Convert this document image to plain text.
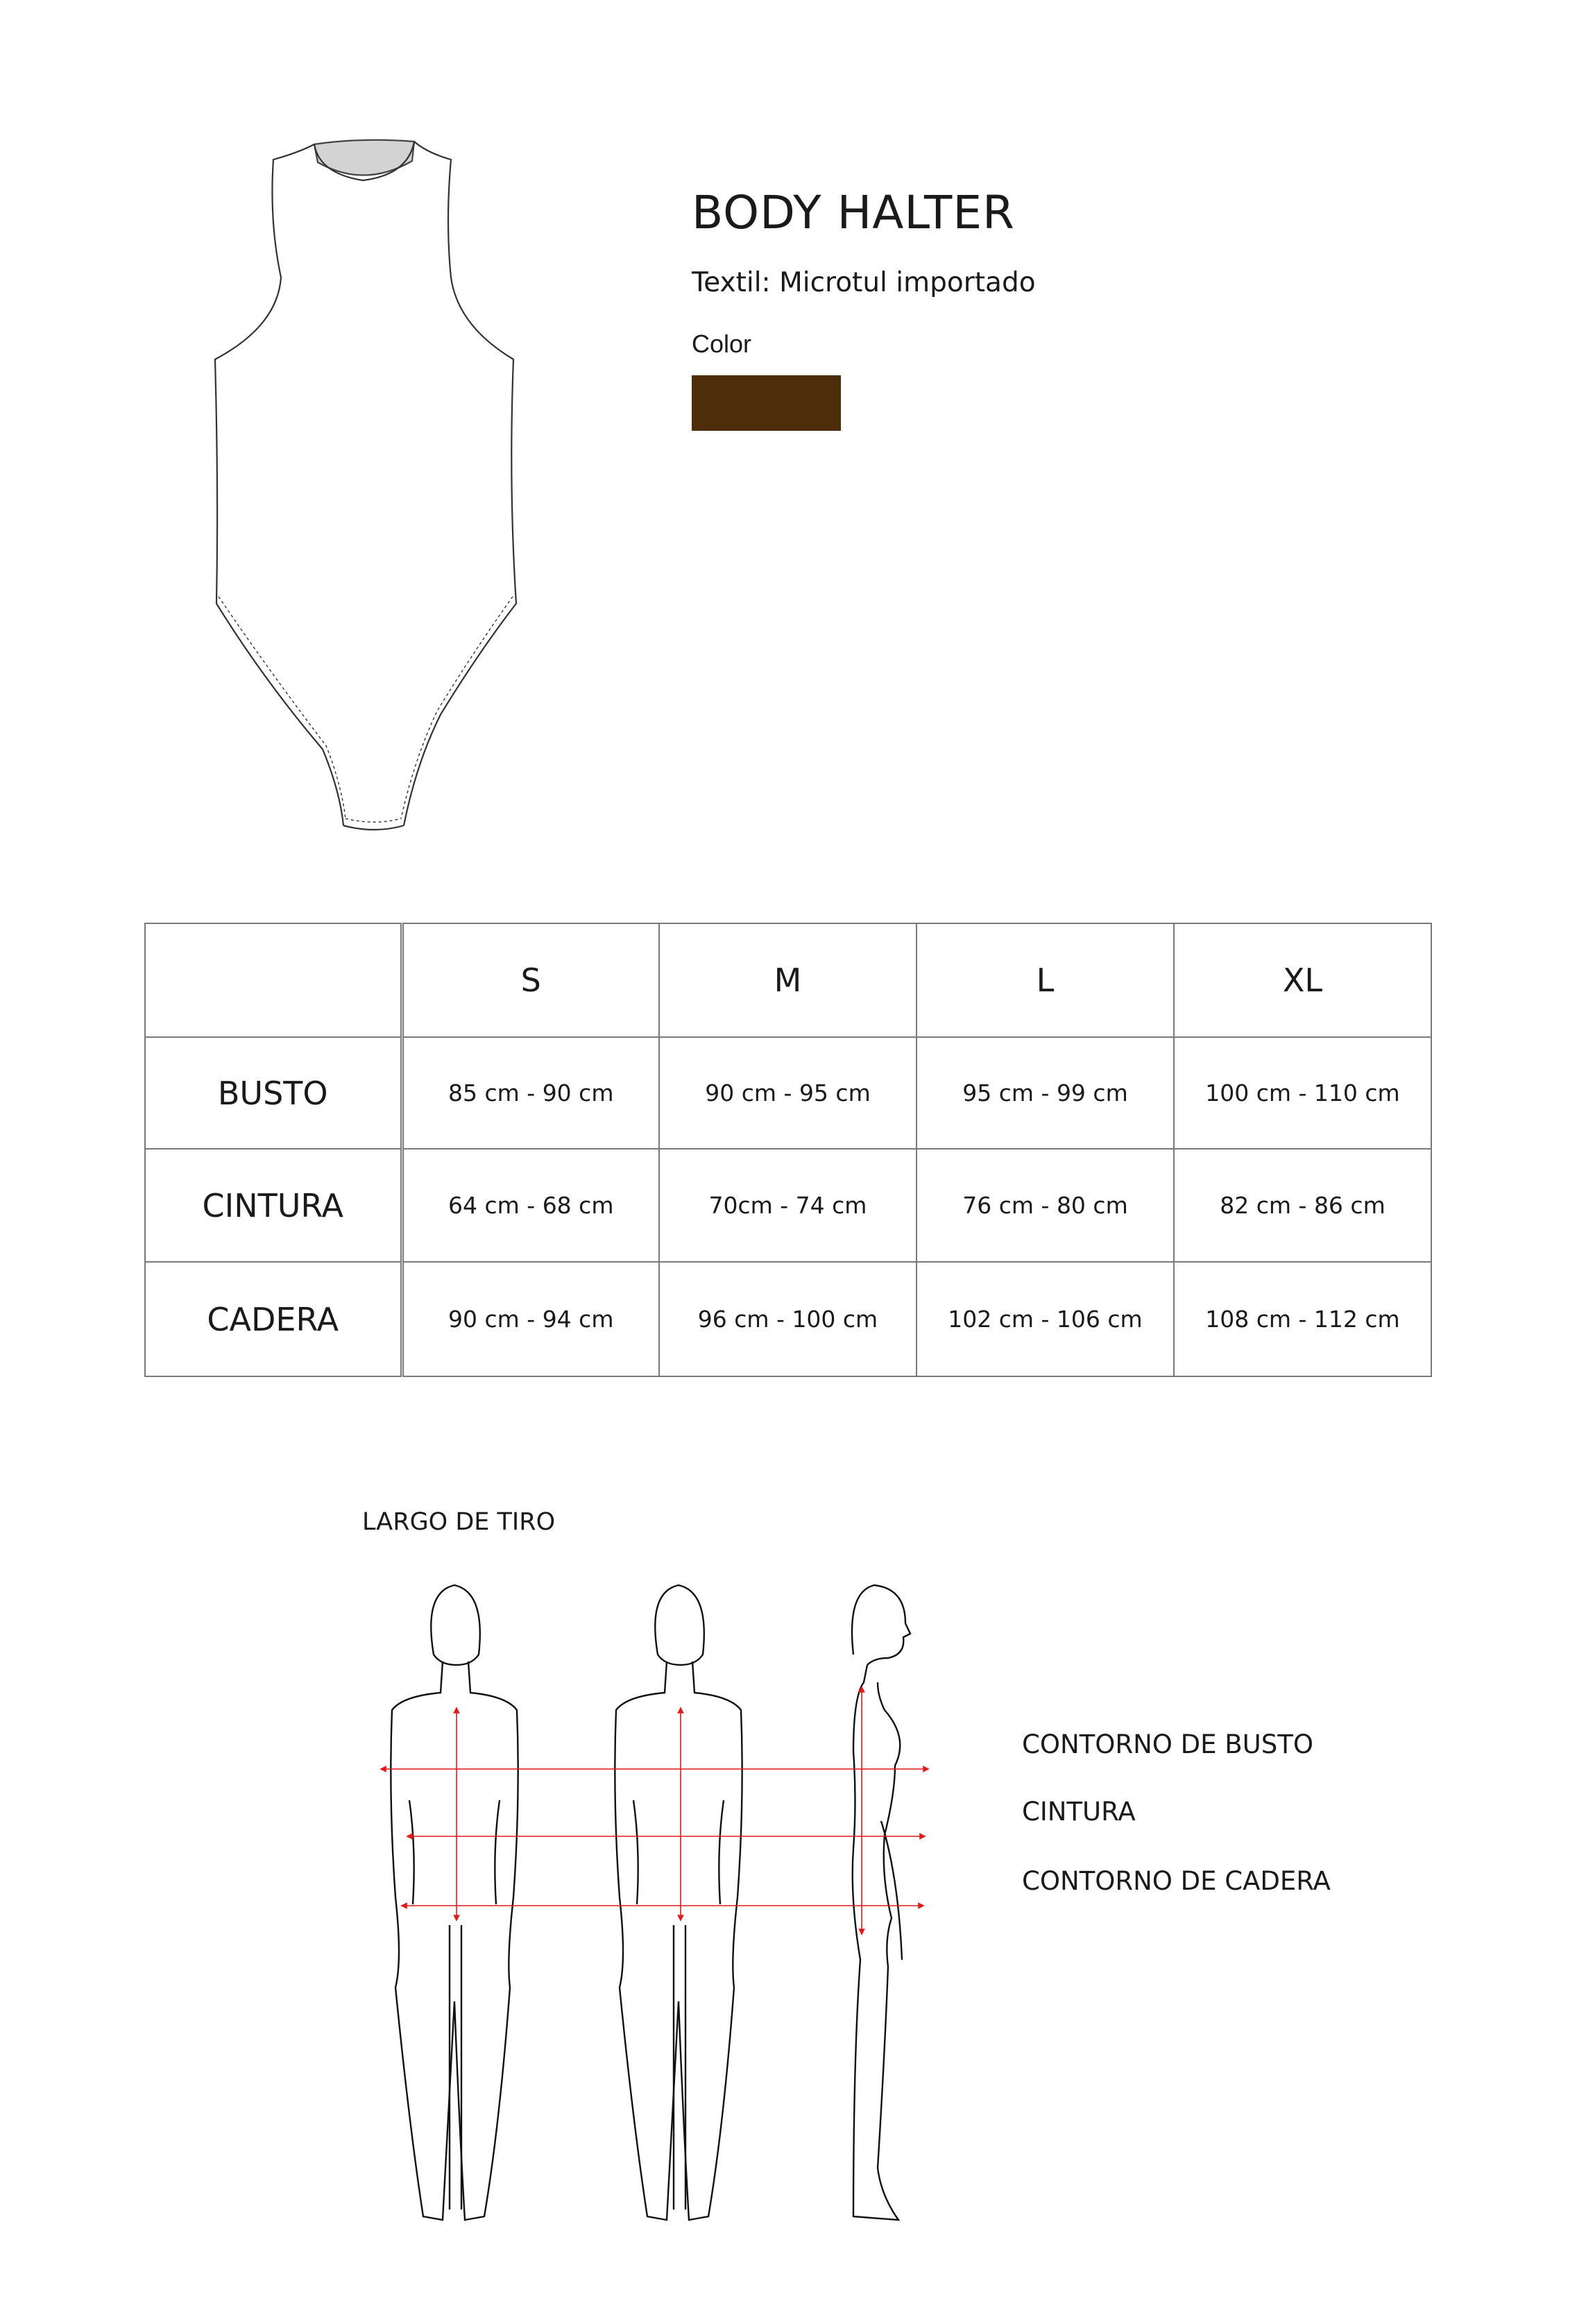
BODY HALTER
Textil: Microtul importado
Color
	S	M	L	XL
BUSTO	85 cm - 90 cm	90 cm - 95 cm	95 cm - 99 cm	100 cm - 110 cm
CINTURA	64 cm - 68 cm	70cm - 74 cm	76 cm - 80 cm	82 cm - 86 cm
CADERA	90 cm - 94 cm	96 cm - 100 cm	102 cm - 106 cm	108 cm - 112 cm
LARGO DE TIRO
CONTORNO DE BUSTO
CINTURA
CONTORNO DE CADERA
